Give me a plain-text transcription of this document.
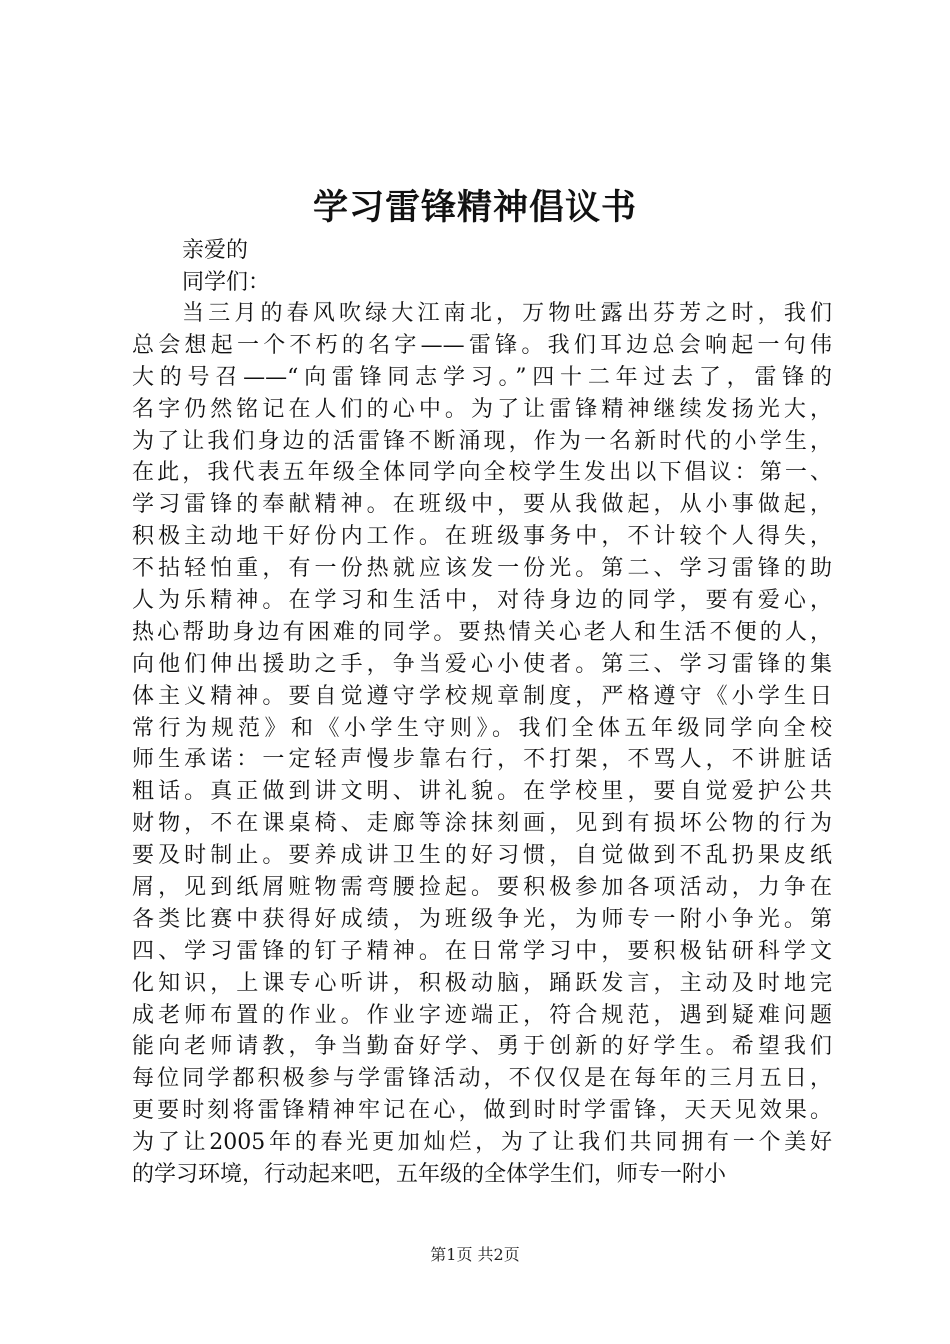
学习雷锋精神倡议书
亲爱的
同学们：
当三月的春风吹绿大江南北，万物吐露出芬芳之时，我们
总会想起一个不朽的名字——雷锋。我们耳边总会响起一句伟
大的号召——“向雷锋同志学习。”四十二年过去了，雷锋的
名字仍然铭记在人们的心中。为了让雷锋精神继续发扬光大，
为了让我们身边的活雷锋不断涌现，作为一名新时代的小学生，
在此，我代表五年级全体同学向全校学生发出以下倡议：第一、
学习雷锋的奉献精神。在班级中，要从我做起，从小事做起，
积极主动地干好份内工作。在班级事务中，不计较个人得失，
不拈轻怕重，有一份热就应该发一份光。第二、学习雷锋的助
人为乐精神。在学习和生活中，对待身边的同学，要有爱心，
热心帮助身边有困难的同学。要热情关心老人和生活不便的人，
向他们伸出援助之手，争当爱心小使者。第三、学习雷锋的集
体主义精神。要自觉遵守学校规章制度，严格遵守《小学生日
常行为规范》和《小学生守则》。我们全体五年级同学向全校
师生承诺：一定轻声慢步靠右行，不打架，不骂人，不讲脏话
粗话。真正做到讲文明、讲礼貌。在学校里，要自觉爱护公共
财物，不在课桌椅、走廊等涂抹刻画，见到有损坏公物的行为
要及时制止。要养成讲卫生的好习惯，自觉做到不乱扔果皮纸
屑，见到纸屑赃物需弯腰捡起。要积极参加各项活动，力争在
各类比赛中获得好成绩，为班级争光，为师专一附小争光。第
四、学习雷锋的钉子精神。在日常学习中，要积极钻研科学文
化知识，上课专心听讲，积极动脑，踊跃发言，主动及时地完
成老师布置的作业。作业字迹端正，符合规范，遇到疑难问题
能向老师请教，争当勤奋好学、勇于创新的好学生。希望我们
每位同学都积极参与学雷锋活动，不仅仅是在每年的三月五日，
更要时刻将雷锋精神牢记在心，做到时时学雷锋，天天见效果。
为了让2005年的春光更加灿烂，为了让我们共同拥有一个美好
的学习环境，行动起来吧，五年级的全体学生们，师专一附小
第1页 共2页
